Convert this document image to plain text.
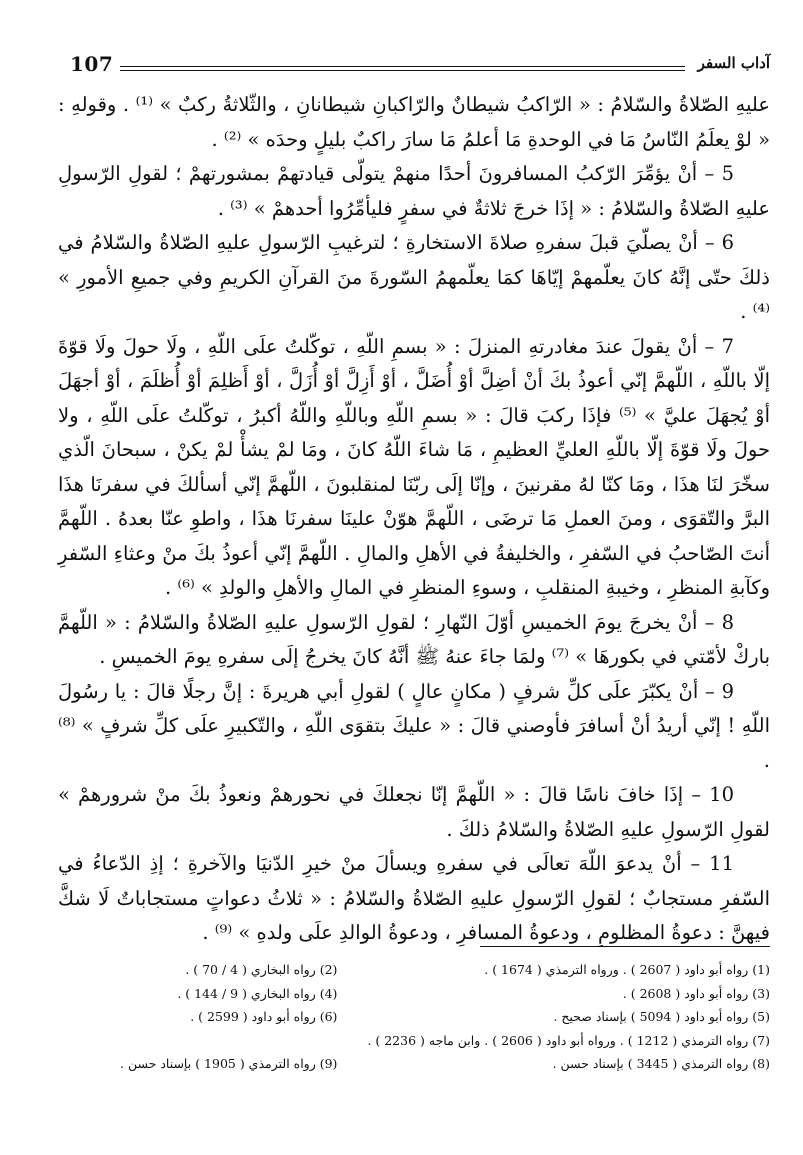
107	آداب السفر

عليهِ الصّلاةُ والسّلامُ : « الرّاكبُ شيطانٌ والرّاكبانِ شيطانانِ ، والثّلاثةُ ركبٌ » ⁽¹⁾ . وقولهِ : « لوْ يعلَمُ النّاسُ مَا في الوحدةِ مَا أعلمُ مَا سارَ راكبٌ بليلٍ وحدَه » ⁽²⁾ .

5 – أنْ يؤمِّرَ الرّكبُ المسافرونَ أحدًا منهمْ يتولّى قيادتهمْ بمشورتهمْ ؛ لقولِ الرّسولِ عليهِ الصّلاةُ والسّلامُ : « إذَا خرجَ ثلاثةٌ في سفرٍ فليأمِّرُوا أحدهمْ » ⁽³⁾ .

6 – أنْ يصلّيَ قبلَ سفرهِ صلاةَ الاستخارةِ ؛ لترغيبِ الرّسولِ عليهِ الصّلاةُ والسّلامُ في ذلكَ حتّى إنَّهُ كانَ يعلّمهمْ إيّاهَا كمَا يعلّمهمُ السّورةَ منَ القرآنِ الكريمِ وفي جميعِ الأمورِ » ⁽⁴⁾ .

7 – أنْ يقولَ عندَ مغادرتهِ المنزلَ : « بسمِ اللّهِ ، توكّلتُ علَى اللّهِ ، ولَا حولَ ولَا قوّةَ إلّا باللّهِ ، اللّهمَّ إنّي أعوذُ بكَ أنْ أضِلَّ أوْ أُضَلَّ ، أوْ أَزِلَّ أوْ أُزَلَّ ، أوْ أَظلِمَ أوْ أُظلَمَ ، أوْ أجهَلَ أوْ يُجهَلَ عليَّ » ⁽⁵⁾ فإذَا ركبَ قالَ : « بسمِ اللّهِ وباللّهِ واللّهُ أكبرُ ، توكّلتُ علَى اللّهِ ، ولا حولَ ولَا قوّةَ إلّا باللّهِ العليِّ العظيمِ ، مَا شاءَ اللّهُ كانَ ، ومَا لمْ يشأْ لمْ يكنْ ، سبحانَ الّذي سخّرَ لنَا هذَا ، ومَا كنّا لهُ مقرنينَ ، وإنّا إلَى ربّنَا لمنقلبونَ ، اللّهمَّ إنّي أسألكَ في سفرنَا هذَا البرَّ والتّقوَى ، ومنَ العملِ مَا ترضَى ، اللّهمَّ هوّنْ علينَا سفرنَا هذَا ، واطوِ عنّا بعدهُ . اللّهمَّ أنتَ الصّاحبُ في السّفرِ ، والخليفةُ في الأهلِ والمالِ . اللّهمَّ إنّي أعوذُ بكَ منْ وعثاءِ السّفرِ وكآبةِ المنظرِ ، وخيبةِ المنقلبِ ، وسوءِ المنظرِ في المالِ والأهلِ والولدِ » ⁽⁶⁾ .

8 – أنْ يخرجَ يومَ الخميسِ أوّلَ النّهارِ ؛ لقولِ الرّسولِ عليهِ الصّلاةُ والسّلامُ : « اللّهمَّ باركْ لأمّتي في بكورهَا » ⁽⁷⁾ ولمَا جاءَ عنهُ ﷺ أنَّهُ كانَ يخرجُ إلَى سفرهِ يومَ الخميسِ .

9 – أنْ يكبّرَ علَى كلِّ شرفٍ ( مكانٍ عالٍ ) لقولِ أبي هريرةَ : إنَّ رجلًا قالَ : يا رسُولَ اللّهِ ! إنّي أريدُ أنْ أسافرَ فأوصني قالَ : « عليكَ بتقوَى اللّهِ ، والتّكبيرِ علَى كلِّ شرفٍ » ⁽⁸⁾ .

10 – إذَا خافَ ناسًا قالَ : « اللّهمَّ إنّا نجعلكَ في نحورهمْ ونعوذُ بكَ منْ شرورهمْ » لقولِ الرّسولِ عليهِ الصّلاةُ والسّلامُ ذلكَ .

11 – أنْ يدعوَ اللّهَ تعالَى في سفرهِ ويسألَ منْ خيرِ الدّنيَا والآخرةِ ؛ إذِ الدّعاءُ في السّفرِ مستجابٌ ؛ لقولِ الرّسولِ عليهِ الصّلاةُ والسّلامُ : « ثلاثُ دعواتٍ مستجاباتٌ لَا شكَّ فيهنَّ : دعوةُ المظلومِ ، ودعوةُ المسافرِ ، ودعوةُ الوالدِ علَى ولدهِ » ⁽⁹⁾ .

(1) رواه أبو داود ( 2607 ) . ورواه الترمذي ( 1674 ) .
(2) رواه البخاري ( 4 / 70 ) .
(3) رواه أبو داود ( 2608 ) .
(4) رواه البخاري ( 9 / 144 ) .
(5) رواه أبو داود ( 5094 ) بإسناد صحيح .
(6) رواه أبو داود ( 2599 ) .
(7) رواه الترمذي ( 1212 ) . ورواه أبو داود ( 2606 ) . وابن ماجه ( 2236 ) .
(8) رواه الترمذي ( 3445 ) بإسناد حسن .
(9) رواه الترمذي ( 1905 ) بإسناد حسن .
